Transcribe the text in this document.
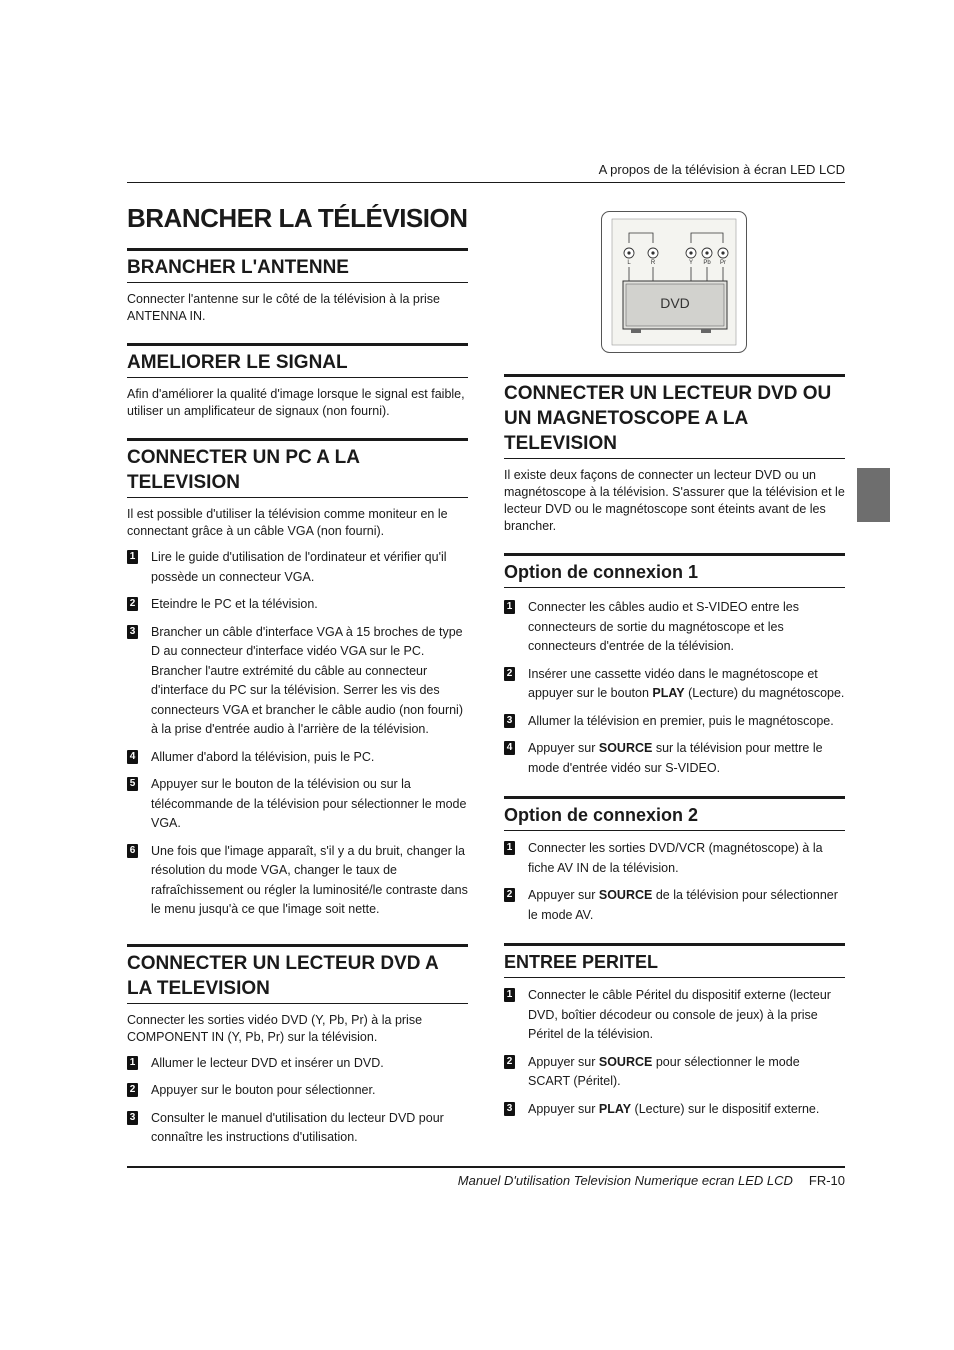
A propos de la télévision à écran LED LCD
BRANCHER LA TÉLÉVISION
BRANCHER L'ANTENNE

Connecter l'antenne sur le côté de la télévision à la prise ANTENNA IN.

AMELIORER LE SIGNAL

Afin d'améliorer la qualité d'image lorsque le signal est faible, utiliser un amplificateur de signaux (non fourni).

CONNECTER UN PC A LA TELEVISION

Il est possible d'utiliser la télévision comme moniteur en le connectant grâce à un câble VGA (non fourni).

1 Lire le guide d'utilisation de l'ordinateur et vérifier qu'il possède un connecteur VGA.
2 Eteindre le PC et la télévision.
3 Brancher un câble d'interface VGA à 15 broches de type D au connecteur d'interface vidéo VGA sur le PC. Brancher l'autre extrémité du câble au connecteur d'interface du PC sur la télévision. Serrer les vis des connecteurs VGA et brancher le câble audio (non fourni) à la prise d'entrée audio à l'arrière de la télévision.
4 Allumer d'abord la télévision, puis le PC.
5 Appuyer sur le bouton de la télévision ou sur la télécommande de la télévision pour sélectionner le mode VGA.
6 Une fois que l'image apparaît, s'il y a du bruit, changer la résolution du mode VGA, changer le taux de rafraîchissement ou régler la luminosité/le contraste dans le menu jusqu'à ce que l'image soit nette.
CONNECTER UN LECTEUR DVD A LA TELEVISION

Connecter les sorties vidéo DVD (Y, Pb, Pr) à la prise COMPONENT IN (Y, Pb, Pr) sur la télévision.

1 Allumer le lecteur DVD et insérer un DVD.
2 Appuyer sur le bouton pour sélectionner.
3 Consulter le manuel d'utilisation du lecteur DVD pour connaître les instructions d'utilisation.
L	R	Y Pb Pr
DVD
CONNECTER UN LECTEUR DVD OU UN MAGNETOSCOPE A LA TELEVISION

Il existe deux façons de connecter un lecteur DVD ou un magnétoscope à la télévision. S'assurer que la télévision et le lecteur DVD ou le magnétoscope sont éteints avant de les brancher.

Option de connexion 1
1 Connecter les câbles audio et S-VIDEO entre les connecteurs de sortie du magnétoscope et les connecteurs d'entrée de la télévision.
2 Insérer une cassette vidéo dans le magnétoscope et appuyer sur le bouton PLAY (Lecture) du magnétoscope.
3 Allumer la télévision en premier, puis le magnétoscope.
4 Appuyer sur SOURCE sur la télévision pour mettre le mode d'entrée vidéo sur S-VIDEO.
Option de connexion 2
1 Connecter les sorties DVD/VCR (magnétoscope) à la fiche AV IN de la télévision.
2 Appuyer sur SOURCE de la télévision pour sélectionner le mode AV.
ENTREE PERITEL
1 Connecter le câble Péritel du dispositif externe (lecteur DVD, boîtier décodeur ou console de jeux) à la prise Péritel de la télévision.
2 Appuyer sur SOURCE pour sélectionner le mode SCART (Péritel).
3 Appuyer sur PLAY (Lecture) sur le dispositif externe.
Manuel D'utilisation Television Numerique ecran LED LCD FR-10
